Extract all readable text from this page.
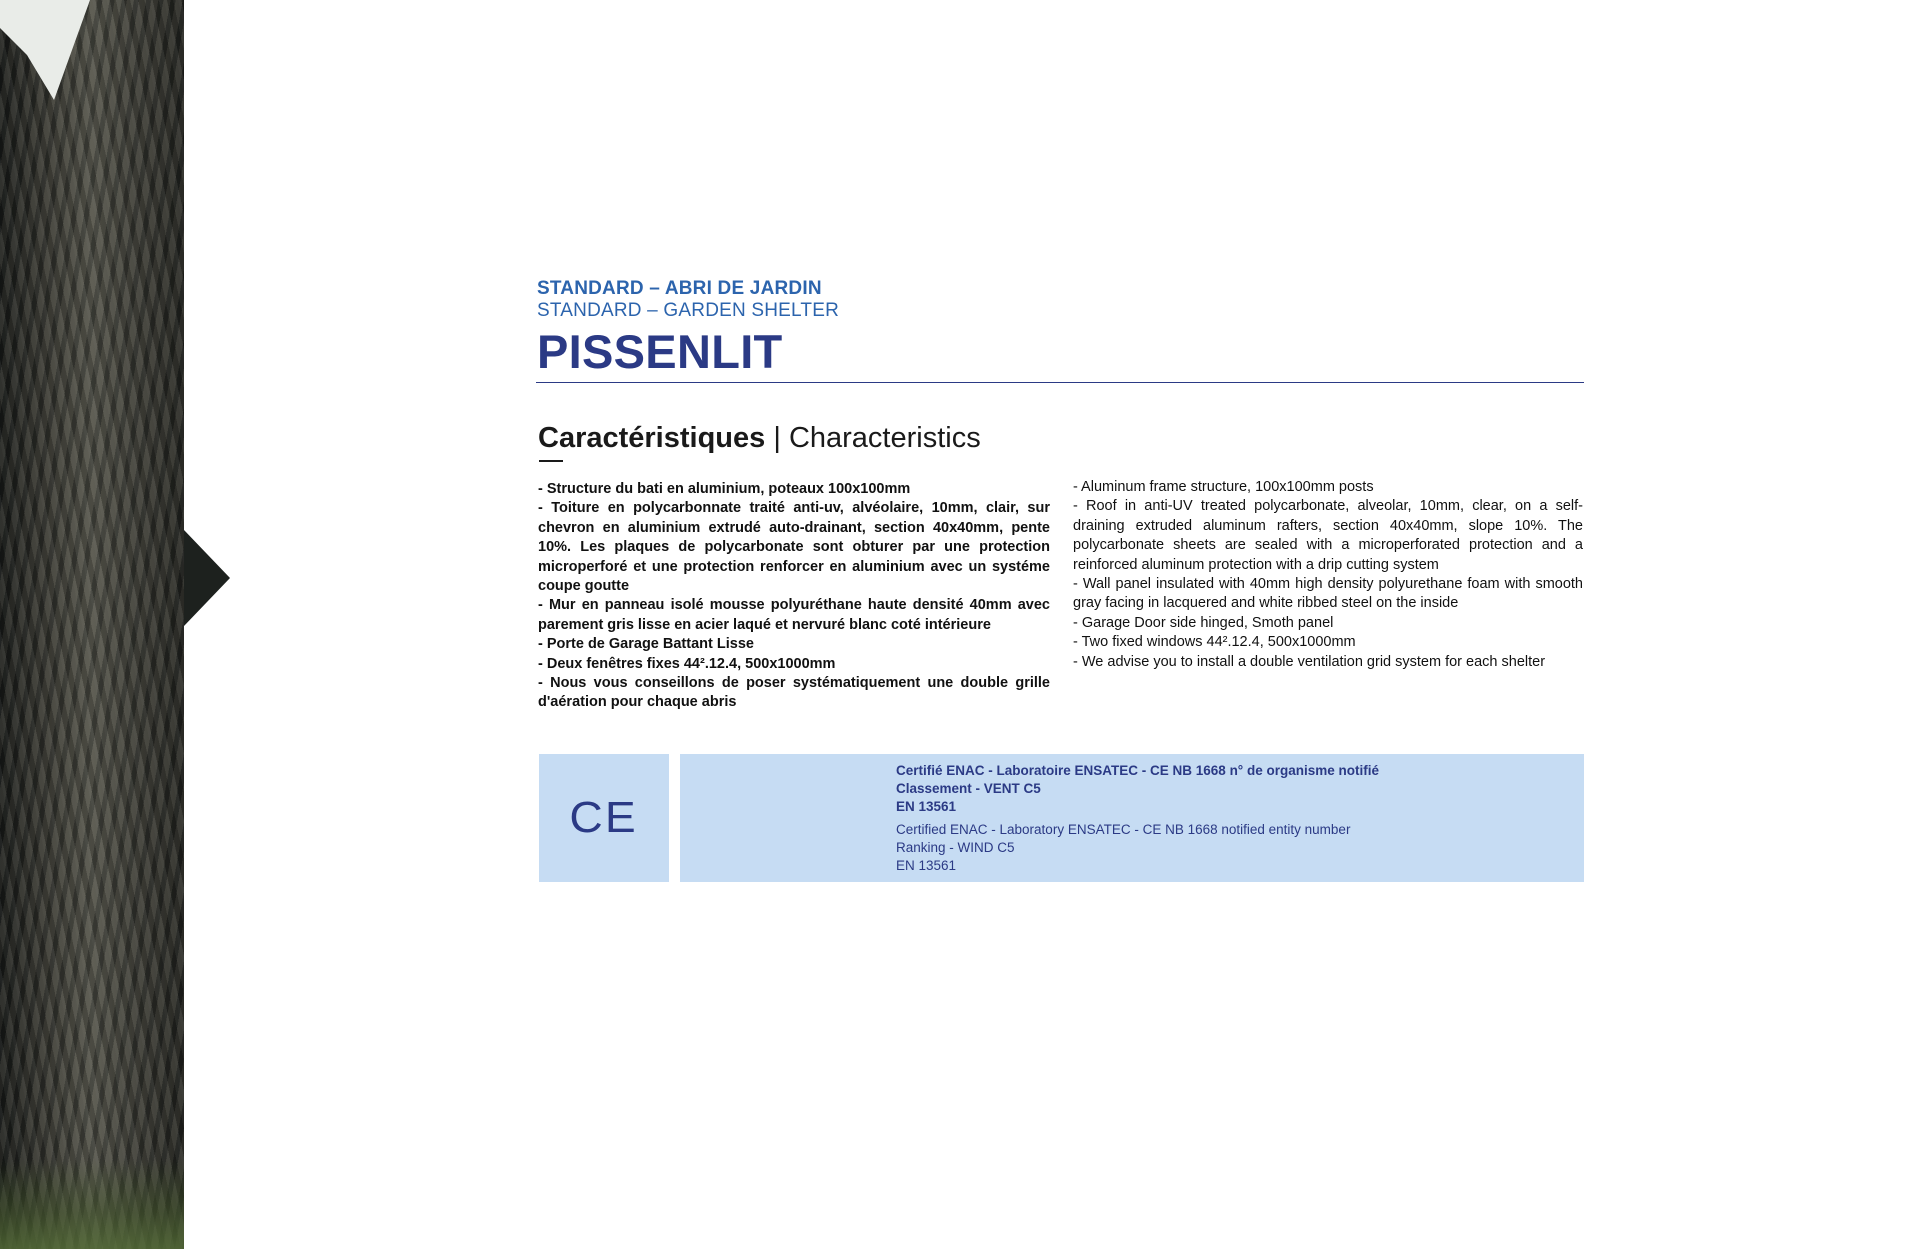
STANDARD – ABRI DE JARDIN
STANDARD – GARDEN SHELTER
PISSENLIT
Caractéristiques | Characteristics

- Structure du bati en aluminium, poteaux 100x100mm

- Toiture en polycarbonnate traité anti-uv, alvéolaire, 10mm, clair, sur chevron en aluminium extrudé auto-drainant, section 40x40mm, pente 10%. Les plaques de polycarbonate sont obturer par une protection microperforé et une protection renforcer en aluminium avec un systéme coupe goutte

- Mur en panneau isolé mousse polyuréthane haute densité 40mm avec parement gris lisse en acier laqué et nervuré blanc coté intérieure

- Porte de Garage Battant Lisse

- Deux fenêtres fixes 44².12.4, 500x1000mm

- Nous vous conseillons de poser systématiquement une double grille d'aération pour chaque abris

- Aluminum frame structure, 100x100mm posts

- Roof in anti-UV treated polycarbonate, alveolar, 10mm, clear, on a self-draining extruded aluminum rafters, section 40x40mm, slope 10%. The polycarbonate sheets are sealed with a microperforated protection and a reinforced aluminum protection with a drip cutting system

- Wall panel insulated with 40mm high density polyurethane foam with smooth gray facing in lacquered and white ribbed steel on the inside

- Garage Door side hinged, Smoth panel

- Two fixed windows 44².12.4, 500x1000mm

- We advise you to install a double ventilation grid system for each shelter

CE
Certifié ENAC - Laboratoire ENSATEC - CE NB 1668 n° de organisme notifié
Classement - VENT C5
EN 13561
Certified ENAC - Laboratory ENSATEC - CE NB 1668 notified entity number
Ranking - WIND C5
EN 13561
